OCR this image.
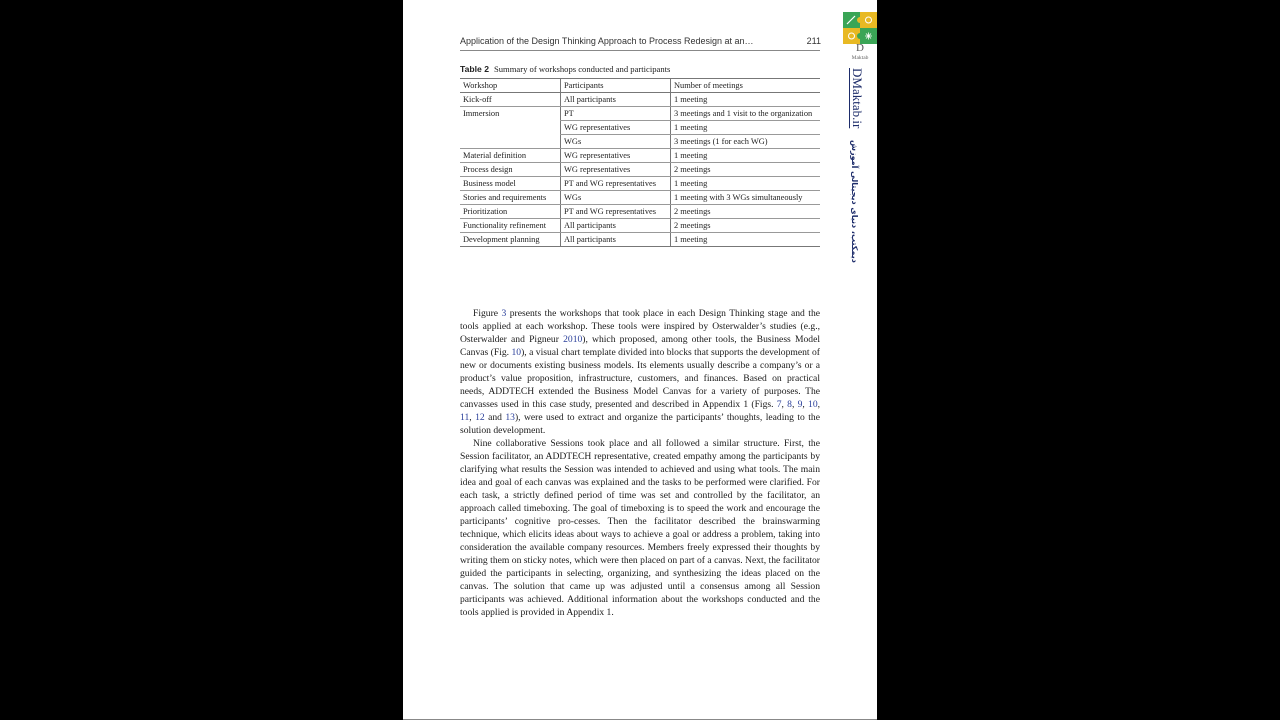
Application of the Design Thinking Approach to Process Redesign at an…	211
Table 2 Summary of workshops conducted and participants
Workshop	Participants	Number of meetings
Kick-off	All participants	1 meeting
Immersion	PT	3 meetings and 1 visit to the organization
	WG representatives	1 meeting
	WGs	3 meetings (1 for each WG)
Material definition	WG representatives	1 meeting
Process design	WG representatives	2 meetings
Business model	PT and WG representatives	1 meeting
Stories and requirements	WGs	1 meeting with 3 WGs simultaneously
Prioritization	PT and WG representatives	2 meetings
Functionality refinement	All participants	2 meetings
Development planning	All participants	1 meeting

Figure 3 presents the workshops that took place in each Design Thinking stage and the tools applied at each workshop. These tools were inspired by Osterwalder’s studies (e.g., Osterwalder and Pigneur 2010), which proposed, among other tools, the Business Model Canvas (Fig. 10), a visual chart template divided into blocks that supports the development of new or documents existing business models. Its elements usually describe a company’s or a product’s value proposition, infrastructure, customers, and finances. Based on practical needs, ADDTECH extended the Business Model Canvas for a variety of purposes. The canvasses used in this case study, presented and described in Appendix 1 (Figs. 7, 8, 9, 10, 11, 12 and 13), were used to extract and organize the participants’ thoughts, leading to the solution development.

Nine collaborative Sessions took place and all followed a similar structure. First, the Session facilitator, an ADDTECH representative, created empathy among the participants by clarifying what results the Session was intended to achieved and using what tools. The main idea and goal of each canvas was explained and the tasks to be performed were clarified. For each task, a strictly defined period of time was set and controlled by the facilitator, an approach called timeboxing. The goal of timeboxing is to speed the work and encourage the participants’ cognitive pro-cesses. Then the facilitator described the brainswarming technique, which elicits ideas about ways to achieve a goal or address a problem, taking into consideration the available company resources. Members freely expressed their thoughts by writing them on sticky notes, which were then placed on part of a canvas. Next, the facilitator guided the participants in selecting, organizing, and synthesizing the ideas placed on the canvas. The solution that came up was adjusted until a consensus among all Session participants was achieved. Additional information about the workshops conducted and the tools applied is provided in Appendix 1.

D
Maktab
DMaktab.ir
دیمکتب، دنیای دیجیتالی آموزش
